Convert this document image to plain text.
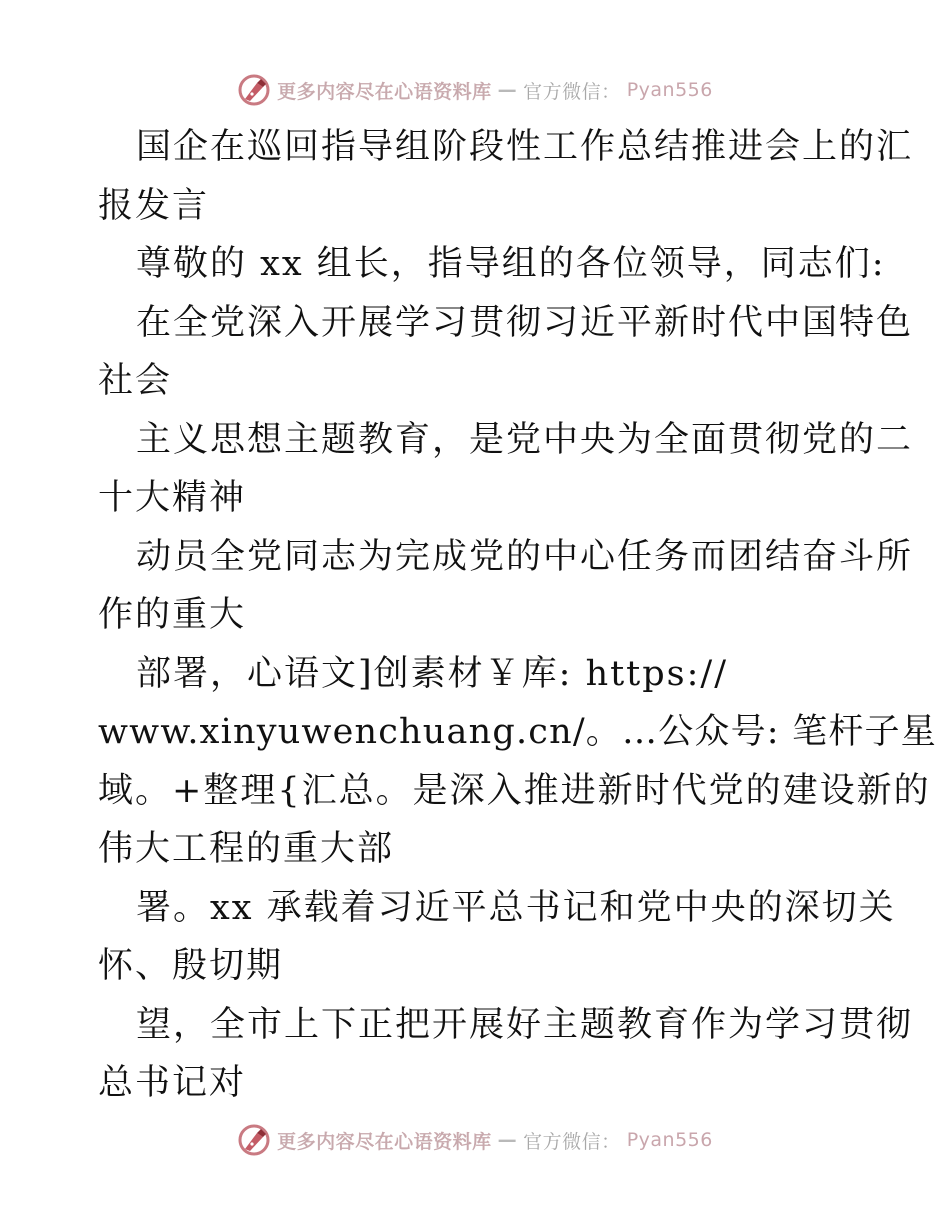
更多内容尽在心语资料库 — 官方微信： Pyan556
国企在巡回指导组阶段性工作总结推进会上的汇
报发言
尊敬的 xx 组长，指导组的各位领导，同志们:
在全党深入开展学习贯彻习近平新时代中国特色
社会
主义思想主题教育，是党中央为全面贯彻党的二
十大精神
动员全党同志为完成党的中心任务而团结奋斗所
作的重大
部署，心语文]创素材￥库: https://
www.xinyuwenchuang.cn/。…公众号: 笔杆子星
域。+整理{汇总。是深入推进新时代党的建设新的
伟大工程的重大部
署。xx 承载着习近平总书记和党中央的深切关
怀、殷切期
望，全市上下正把开展好主题教育作为学习贯彻
总书记对
更多内容尽在心语资料库 — 官方微信： Pyan556
